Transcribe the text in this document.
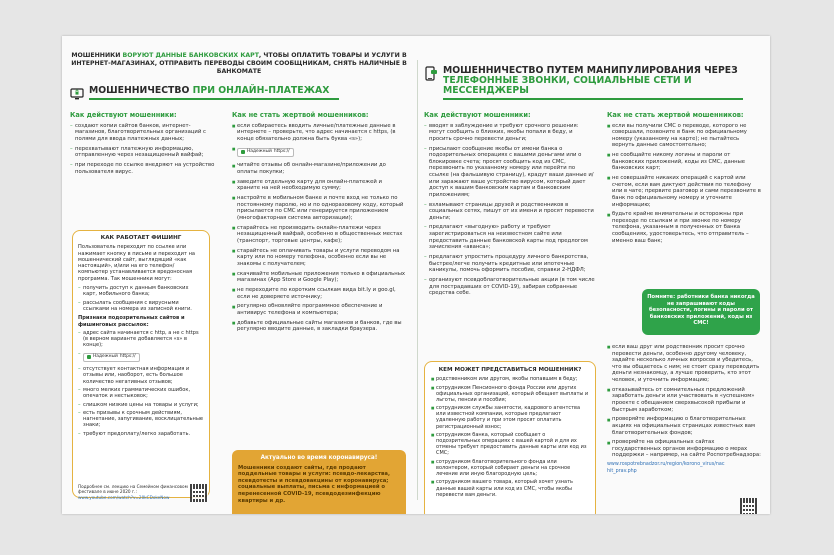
МОШЕННИКИ ВОРУЮТ ДАННЫЕ БАНКОВСКИХ КАРТ, ЧТОБЫ ОПЛАТИТЬ ТОВАРЫ И УСЛУГИ В ИНТЕРНЕТ-МАГАЗИНАХ, ОТПРАВИТЬ ПЕРЕВОДЫ СВОИМ СООБЩНИКАМ, СНЯТЬ НАЛИЧНЫЕ В БАНКОМАТЕ
МОШЕННИЧЕСТВО ПРИ ОНЛАЙН-ПЛАТЕЖАХ
Как действуют мошенники:
– создают копии сайтов банков, интернет-магазинов, благотворительных организаций с полями для ввода платежных данных;
– перехватывают платежную информацию, отправленную через незащищенный вайфай;
– при переходе по ссылке внедряют на устройство пользователя вирус.
КАК РАБОТАЕТ ФИШИНГ

Пользователь переходит по ссылке или нажимает кнопку в письме и переходит на мошеннический сайт, выглядящий «как настоящий», и/или на его телефон/компьютер устанавливается вредоносная программа. Так мошенники могут:

– получить доступ к данным банковских карт, мобильного банка;
– рассылать сообщения с вирусными ссылками на номера из записной книги.
Признаки подозрительных сайтов и фишинговых рассылок:
– адрес сайта начинается с http, а не с https (в верном варианте добавляется «s» в конце);
– Надежный https://
– отсутствует контактная информация и отзывы или, наоборот, есть большое количество негативных отзывов;
– много мелких грамматических ошибок, опечаток и нестыковок;
– слишком низкие цены на товары и услуги;
– есть призывы к срочным действиям, нагнетание, запугивание, восклицательные знаки;
– требуют предоплату/легко заработать.
Подробнее см. лекцию на Семейном финансовом фестивале в июне 2020 г.:
www.youtube.com/watch?v=20kCDokeNow
Как не стать жертвой мошенников:
■ если собираетесь вводить личные/платежные данные в интернете – проверьте, что адрес начинается с https, (в конце обязательно должна быть буква «s»);
■ Надежный https://
■ читайте отзывы об онлайн-магазине/приложении до оплаты покупки;
■ заведите отдельную карту для онлайн-платежей и храните на ней необходимую сумму;
■ настройте в мобильном банке и почте вход не только по постоянному паролю, но и по одноразовому коду, который присылается по СМС или генерируется приложением (многофакторная система авторизации);
■ старайтесь не производить онлайн-платежи через незащищенный вайфай, особенно в общественных местах (транспорт, торговые центры, кафе);
■ старайтесь не оплачивать товары и услуги переводом на карту или по номеру телефона, особенно если вы не знакомы с получателем;
■ скачивайте мобильные приложения только в официальных магазинах (App Store и Google Play);
■ не переходите по коротким ссылкам вида bit.ly и goo.gl, если не доверяете источнику;
■ регулярно обновляйте программное обеспечение и антивирус телефона и компьютера;
■ добавьте официальные сайты магазинов и банков, где вы регулярно вводите данные, в закладки браузера.
Актуально во время коронавируса!
Мошенники создают сайты, где продают поддельные товары и услуги: псевдо-лекарства, псевдотесты и псевдовакцины от коронавируса; социальные выплаты, письма с информацией о перенесенной COVID-19, псевдодезинфекцию квартиры и др.
МОШЕННИЧЕСТВО ПУТЕМ МАНИПУЛИРОВАНИЯ ЧЕРЕЗ ТЕЛЕФОННЫЕ ЗВОНКИ, СОЦИАЛЬНЫЕ СЕТИ И МЕССЕНДЖЕРЫ
Как действуют мошенники:
– вводят в заблуждение и требуют срочного решения: могут сообщить о близких, якобы попали в беду, и просить срочно перевести деньги;
– присылают сообщение якобы от имени банка о подозрительных операциях с вашими деньгами или о блокировке счета; просят сообщить код из СМС, перезвонить по указанному номеру или перейти по ссылке (на фальшивую страницу), крадут ваши данные и/или заражают ваше устройство вирусом, который дает доступ к вашим банковским картам и банковским приложениям;
– взламывают страницы друзей и родственников в социальных сетях, пишут от их имени и просят перевести деньги;
– предлагают «выгодную» работу и требуют зарегистрироваться на неизвестном сайте или предоставить данные банковской карты под предлогом зачисления «аванса»;
– предлагают упростить процедуру личного банкротства, быстрее/легче получить кредитные или ипотечные каникулы, помочь оформить пособие, справки 2-НДФЛ;
– организуют псевдоблаготворительные акции (в том числе для пострадавших от COVID-19), забирая собранные средства себе.
КЕМ МОЖЕТ ПРЕДСТАВИТЬСЯ МОШЕННИК?
■ родственником или другом, якобы попавшим в беду;
■ сотрудником Пенсионного фонда России или других официальных организаций, который обещает выплаты и льготы, пенсии и пособия;
■ сотрудником службы занятости, кадрового агентства или известной компании, которые предлагают удаленную работу и при этом просят оплатить регистрационный взнос;
■ сотрудником банка, который сообщает о подозрительных операциях с вашей картой и для их отмены требует предоставить данные карты или код из СМС;
■ сотрудником благотворительного фонда или волонтером, который собирает деньги на срочное лечение или иную благородную цель;
■ сотрудником вашего товара, который хочет узнать данные вашей карты или код из СМС, чтобы якобы перевести вам деньги.
Как не стать жертвой мошенников:
■ если вы получили СМС о переводе, которого не совершали, позвоните в банк по официальному номеру (указанному на карте); не пытайтесь вернуть данные самостоятельно;
■ не сообщайте никому логины и пароли от банковских приложений, коды из СМС, данные банковских карт;
■ не совершайте никаких операций с картой или счетом, если вам диктуют действия по телефону или в чате; прервите разговор и сами перезвоните в банк по официальному номеру и уточните информацию;
■ будьте крайне внимательны и осторожны при переходе по ссылкам и при звонке по номеру телефона, указанным в полученных от банка сообщениях, удостоверьтесь, что отправитель – именно ваш банк;
Помните: работники банка никогда не запрашивают коды безопасности, логины и пароли от банковских приложений, коды из СМС!
■ если ваш друг или родственник просит срочно перевести деньги, особенно другому человеку, задайте несколько личных вопросов и убедитесь, что вы общаетесь с ним; не стоит сразу переводить деньги незнакомцу, а лучше проверить, кто этот человек, и уточнить информацию;
■ отказывайтесь от сомнительных предложений заработать деньги или участвовать в «успешном» проекте с обещанием сверхвысокой прибыли и быстрым заработком;
■ проверяйте информацию о благотворительных акциях на официальных страницах известных вам благотворительных фондов;
■ проверяйте на официальных сайтах государственных органов информацию о мерах поддержки – например, на сайте Роспотребнадзора:
www.rospotrebnadzor.ru/region/korono_virus/nachit_prav.php
